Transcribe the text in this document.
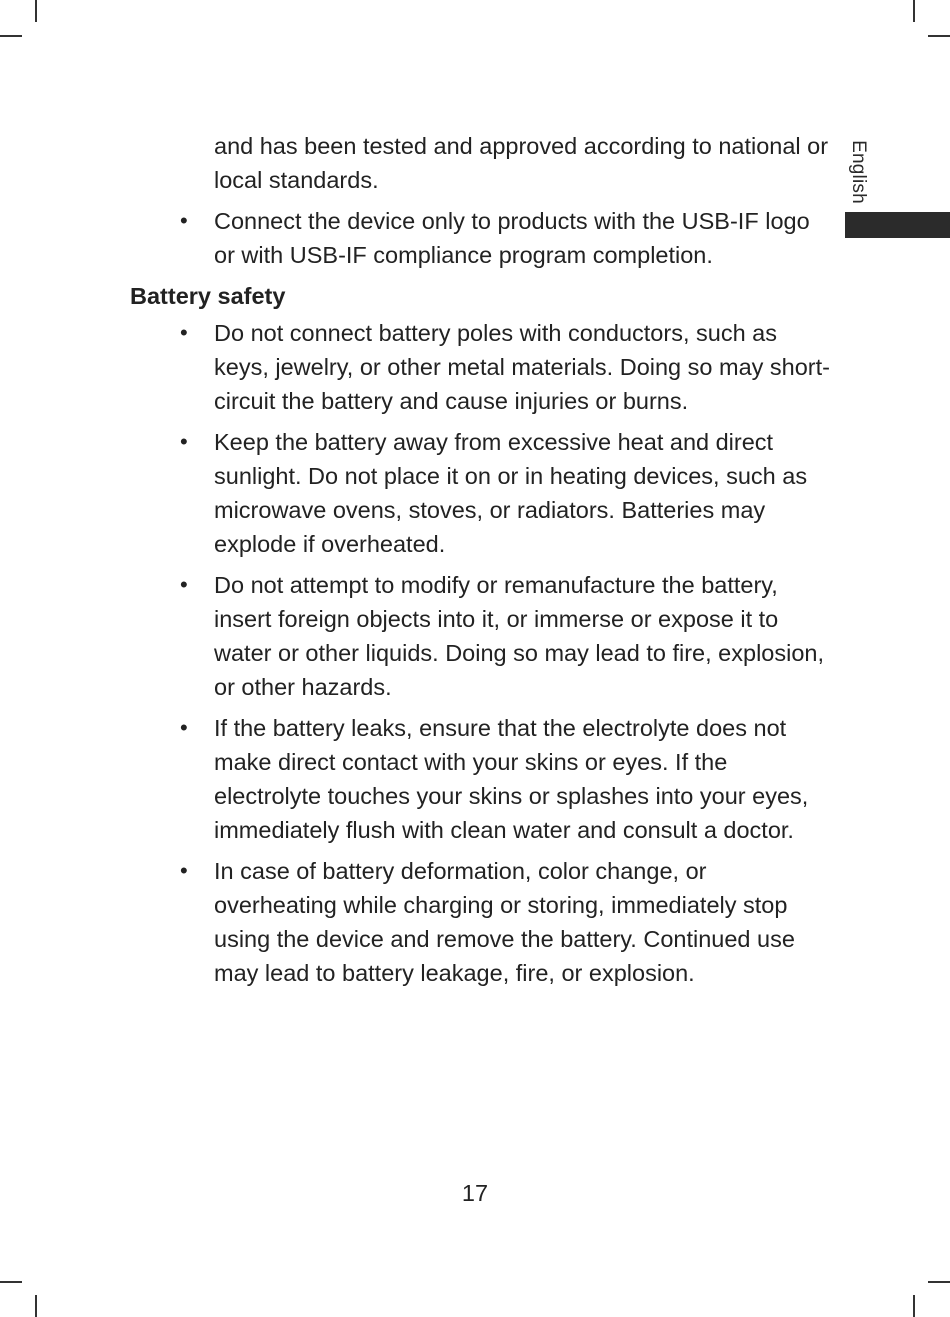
English

and has been tested and approved according to national or local standards.

• Connect the device only to products with the USB-IF logo or with USB-IF compliance program completion.
Battery safety
• Do not connect battery poles with conductors, such as keys, jewelry, or other metal materials. Doing so may short-circuit the battery and cause injuries or burns.
• Keep the battery away from excessive heat and direct sunlight. Do not place it on or in heating devices, such as microwave ovens, stoves, or radiators. Batteries may explode if overheated.
• Do not attempt to modify or remanufacture the battery, insert foreign objects into it, or immerse or expose it to water or other liquids. Doing so may lead to fire, explosion, or other hazards.
• If the battery leaks, ensure that the electrolyte does not make direct contact with your skins or eyes. If the electrolyte touches your skins or splashes into your eyes, immediately flush with clean water and consult a doctor.
• In case of battery deformation, color change, or overheating while charging or storing, immediately stop using the device and remove the battery. Continued use may lead to battery leakage, fire, or explosion.
17
